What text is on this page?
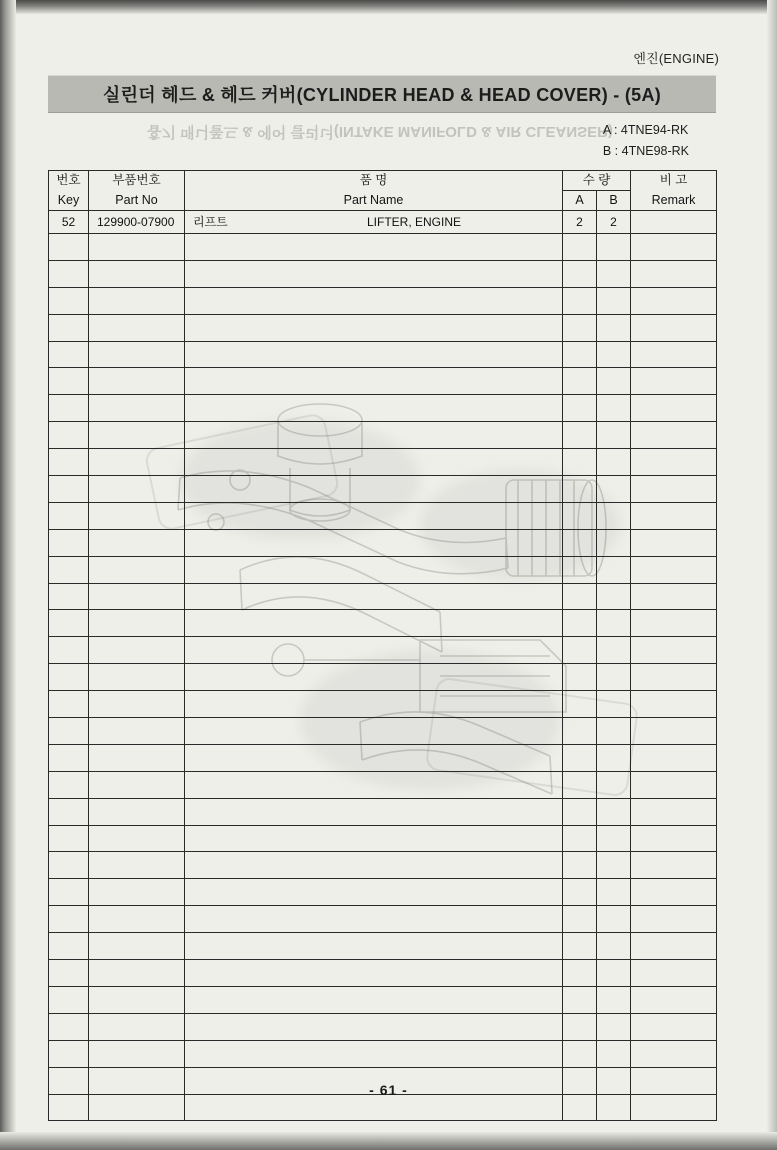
흡기 매니폴드 & 에어 클리너(INTAKE MANIFOLD & AIR CLEANSER)
엔진(ENGINE)
실린더 헤드 & 헤드 커버(CYLINDER HEAD & HEAD COVER) - (5A)
A : 4TNE94-RK
B : 4TNE98-RK
번호	부품번호	품 명	수 량		비 고
Key	Part No	Part Name	A	B	Remark
52	129900-07900	리프트 LIFTER, ENGINE	2	2	

- 61 -
